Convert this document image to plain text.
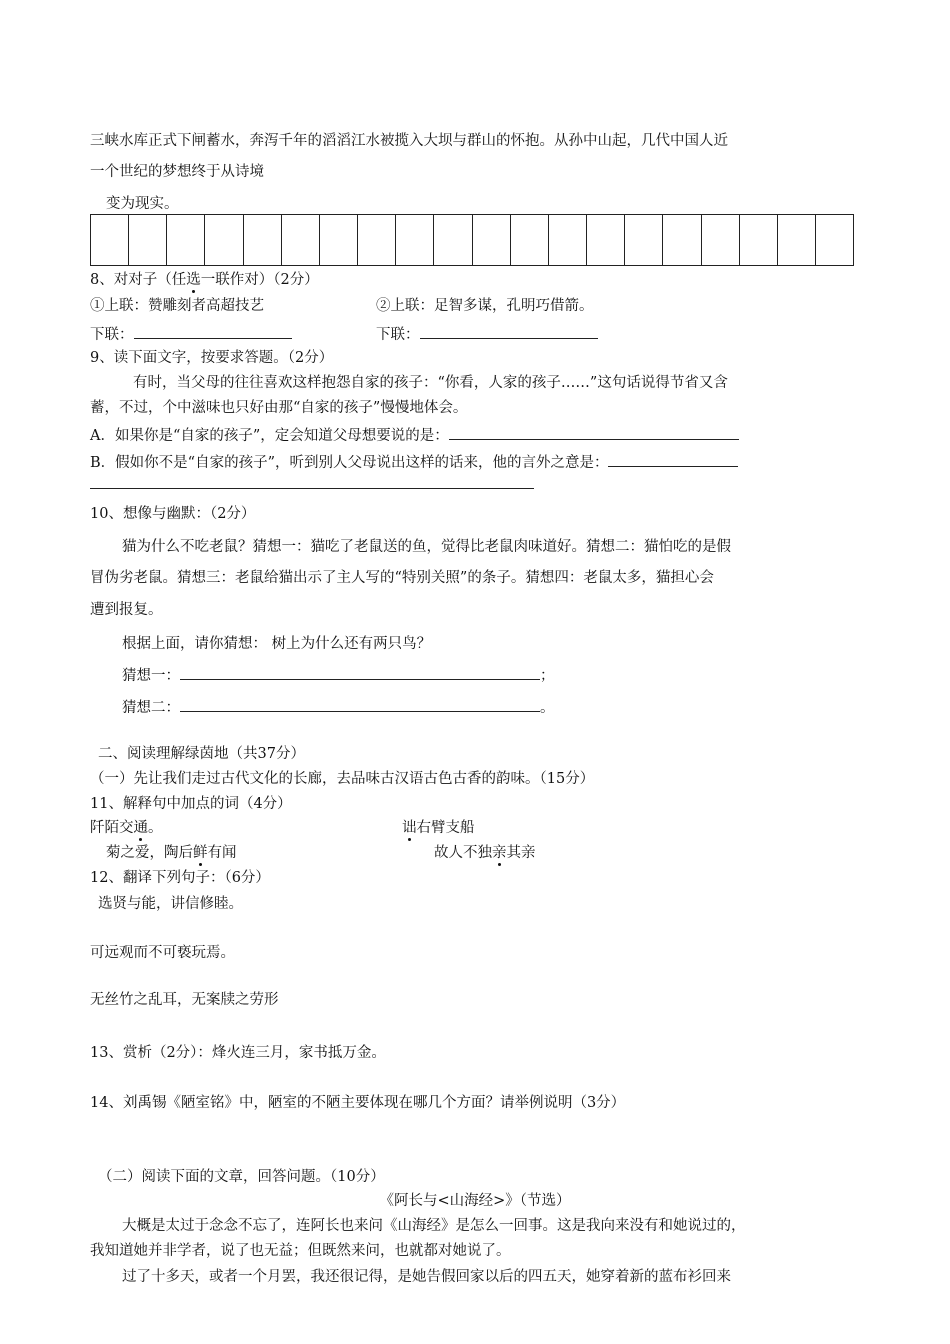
三峡水库正式下闸蓄水，奔泻千年的滔滔江水被揽入大坝与群山的怀抱。从孙中山起，几代中国人近
一个世纪的梦想终于从诗境
变为现实。
8、对对子（任选一联作对）（2分）
①上联：赞雕刻者高超技艺	②上联：足智多谋，孔明巧借箭。
下联：	下联：
9、读下面文字，按要求答题。（2分）
有时，当父母的往往喜欢这样抱怨自家的孩子：“你看，人家的孩子……”这句话说得节省又含
蓄，不过，个中滋味也只好由那“自家的孩子”慢慢地体会。
A．如果你是“自家的孩子”，定会知道父母想要说的是：
B．假如你不是“自家的孩子”，听到别人父母说出这样的话来，他的言外之意是：
10、想像与幽默：（2分）
猫为什么不吃老鼠？猜想一：猫吃了老鼠送的鱼，觉得比老鼠肉味道好。猜想二：猫怕吃的是假
冒伪劣老鼠。猜想三：老鼠给猫出示了主人写的“特别关照”的条子。猜想四：老鼠太多，猫担心会
遭到报复。
根据上面，请你猜想： 树上为什么还有两只鸟？
猜想一：	；
猜想二：	。
二、阅读理解绿茵地（共37分）
（一）先让我们走过古代文化的长廊，去品味古汉语古色古香的韵味。（15分）
11、解释句中加点的词（4分）
阡陌交通。	诎右臂支船
菊之爱，陶后鲜有闻	故人不独亲其亲
12、翻译下列句子：（6分）
选贤与能，讲信修睦。
可远观而不可亵玩焉。
无丝竹之乱耳，无案牍之劳形
13、赏析（2分）：烽火连三月，家书抵万金。
14、刘禹锡《陋室铭》中，陋室的不陋主要体现在哪几个方面？请举例说明（3分）
（二）阅读下面的文章，回答问题。（10分）
《阿长与<山海经>》（节选）
大概是太过于念念不忘了，连阿长也来问《山海经》是怎么一回事。这是我向来没有和她说过的，
我知道她并非学者，说了也无益；但既然来问，也就都对她说了。
过了十多天，或者一个月罢，我还很记得，是她告假回家以后的四五天，她穿着新的蓝布衫回来
